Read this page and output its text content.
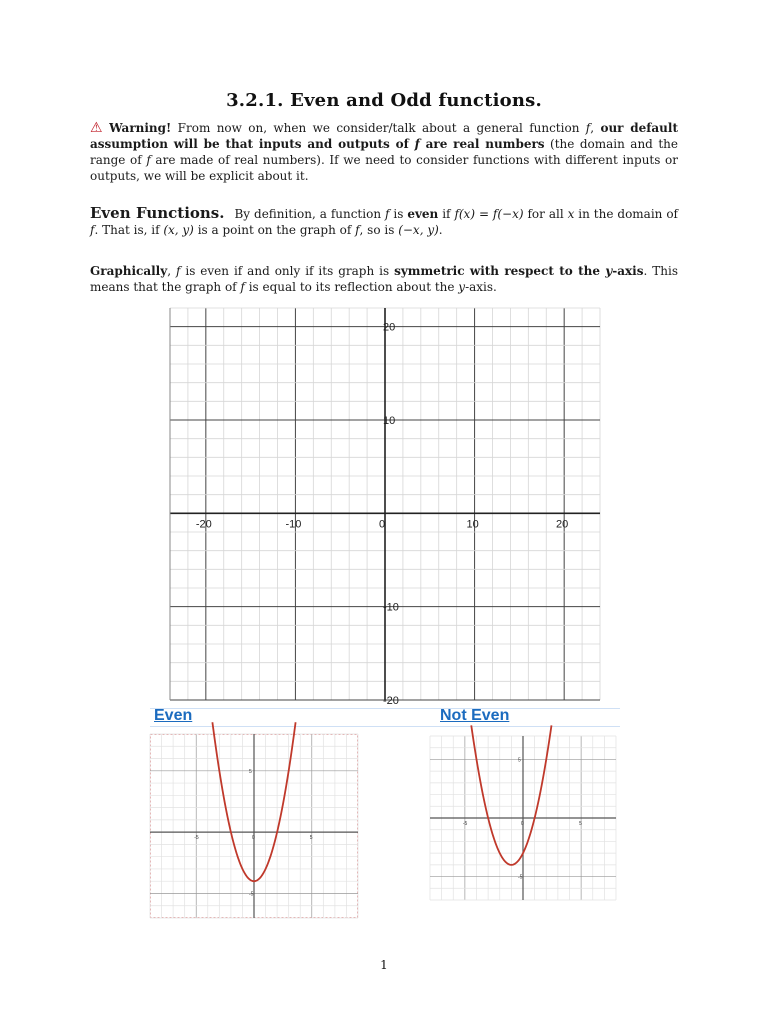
3.2.1. Even and Odd functions.
⚠ Warning! From now on, when we consider/talk about a general function f, our default assumption will be that inputs and outputs of f are real numbers (the domain and the range of f are made of real numbers). If we need to consider functions with different inputs or outputs, we will be explicit about it.
Even Functions. By definition, a function f is even if f(x) = f(−x) for all x in the domain of f. That is, if (x, y) is a point on the graph of f, so is (−x, y).
Graphically, f is even if and only if its graph is symmetric with respect to the y-axis. This means that the graph of f is equal to its reflection about the y-axis.
-20	-10	0	10	20
20
10
-10
-20
Even	Not Even
-5	0	5
5
-5
5
-5	0	5
-5
1
